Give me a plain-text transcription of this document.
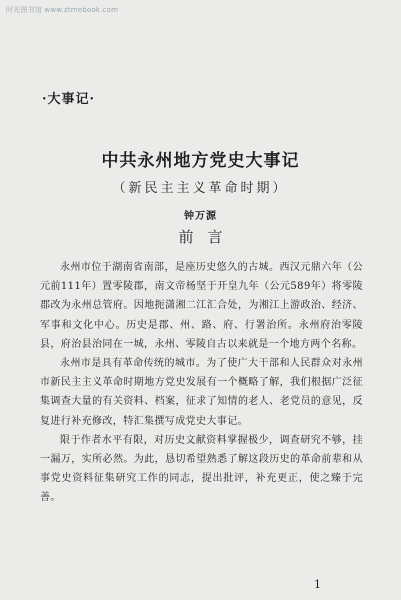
时光图书馆 www.ztmebook.com
·大事记·
中共永州地方党史大事记
（新民主主义革命时期）
钟万源
前言

永州市位于湖南省南部，是座历史悠久的古城。西汉元鼎六年（公元前111年）置零陵郡，南文帝杨坚于开皇九年（公元589年）将零陵郡改为永州总管府。因地扼潇湘二江汇合处，为湘江上游政治、经济、军事和文化中心。历史是郡、州、路、府、行署治所。永州府治零陵县，府治县治同在一城，永州、零陵自古以来就是一个地方两个名称。

永州市是具有革命传统的城市。为了使广大干部和人民群众对永州市新民主主义革命时期地方党史发展有一个概略了解，我们根据广泛征集调查大量的有关资料、档案，征求了知情的老人、老党员的意见，反复进行补充修改，特汇集撰写成党史大事记。

限于作者水平有限，对历史文献资料掌握极少，调查研究不够，挂一漏万，实所必然。为此，恳切希望熟悉了解这段历史的革命前辈和从事党史资料征集研究工作的同志，提出批评，补充更正，使之臻于完善。

1
